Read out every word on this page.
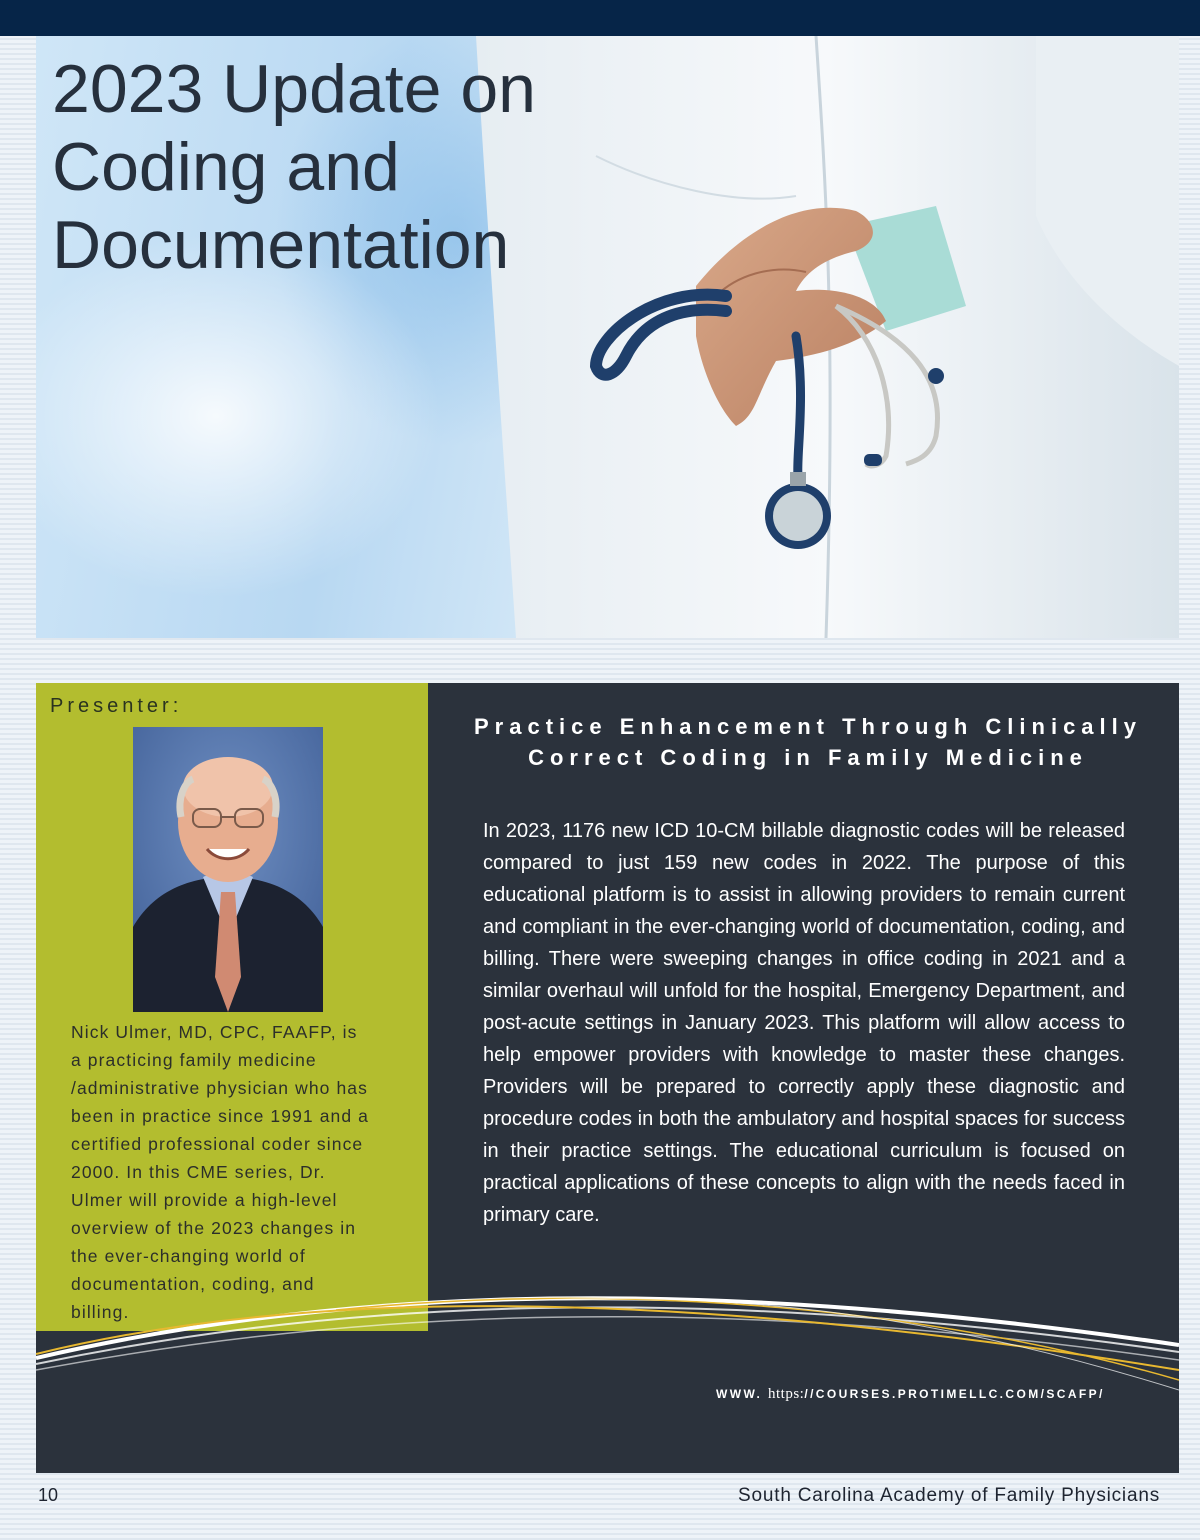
2023 Update on
Coding and
Documentation
Presenter:
Nick Ulmer, MD, CPC, FAAFP, is
a practicing family medicine
/administrative physician who has
been in practice since 1991 and a
certified professional coder since
2000. In this CME series, Dr.
Ulmer will provide a high-level
overview of the 2023 changes in
the ever-changing world of
documentation, coding, and
billing.
Practice Enhancement Through Clinically
Correct Coding in Family Medicine

In 2023, 1176 new ICD 10-CM billable diagnostic codes will be released compared to just 159 new codes in 2022. The purpose of this educational platform is to assist in allowing providers to remain current and compliant in the ever-changing world of documentation, coding, and billing. There were sweeping changes in office coding in 2021 and a similar overhaul will unfold for the hospital, Emergency Department, and post-acute settings in January 2023. This platform will allow access to help empower providers with knowledge to master these changes. Providers will be prepared to correctly apply these diagnostic and procedure codes in both the ambulatory and hospital spaces for success in their practice settings. The educational curriculum is focused on practical applications of these concepts to align with the needs faced in primary care.

WWW. https://COURSES.PROTIMELLC.COM/SCAFP/
10	South Carolina Academy of Family Physicians
